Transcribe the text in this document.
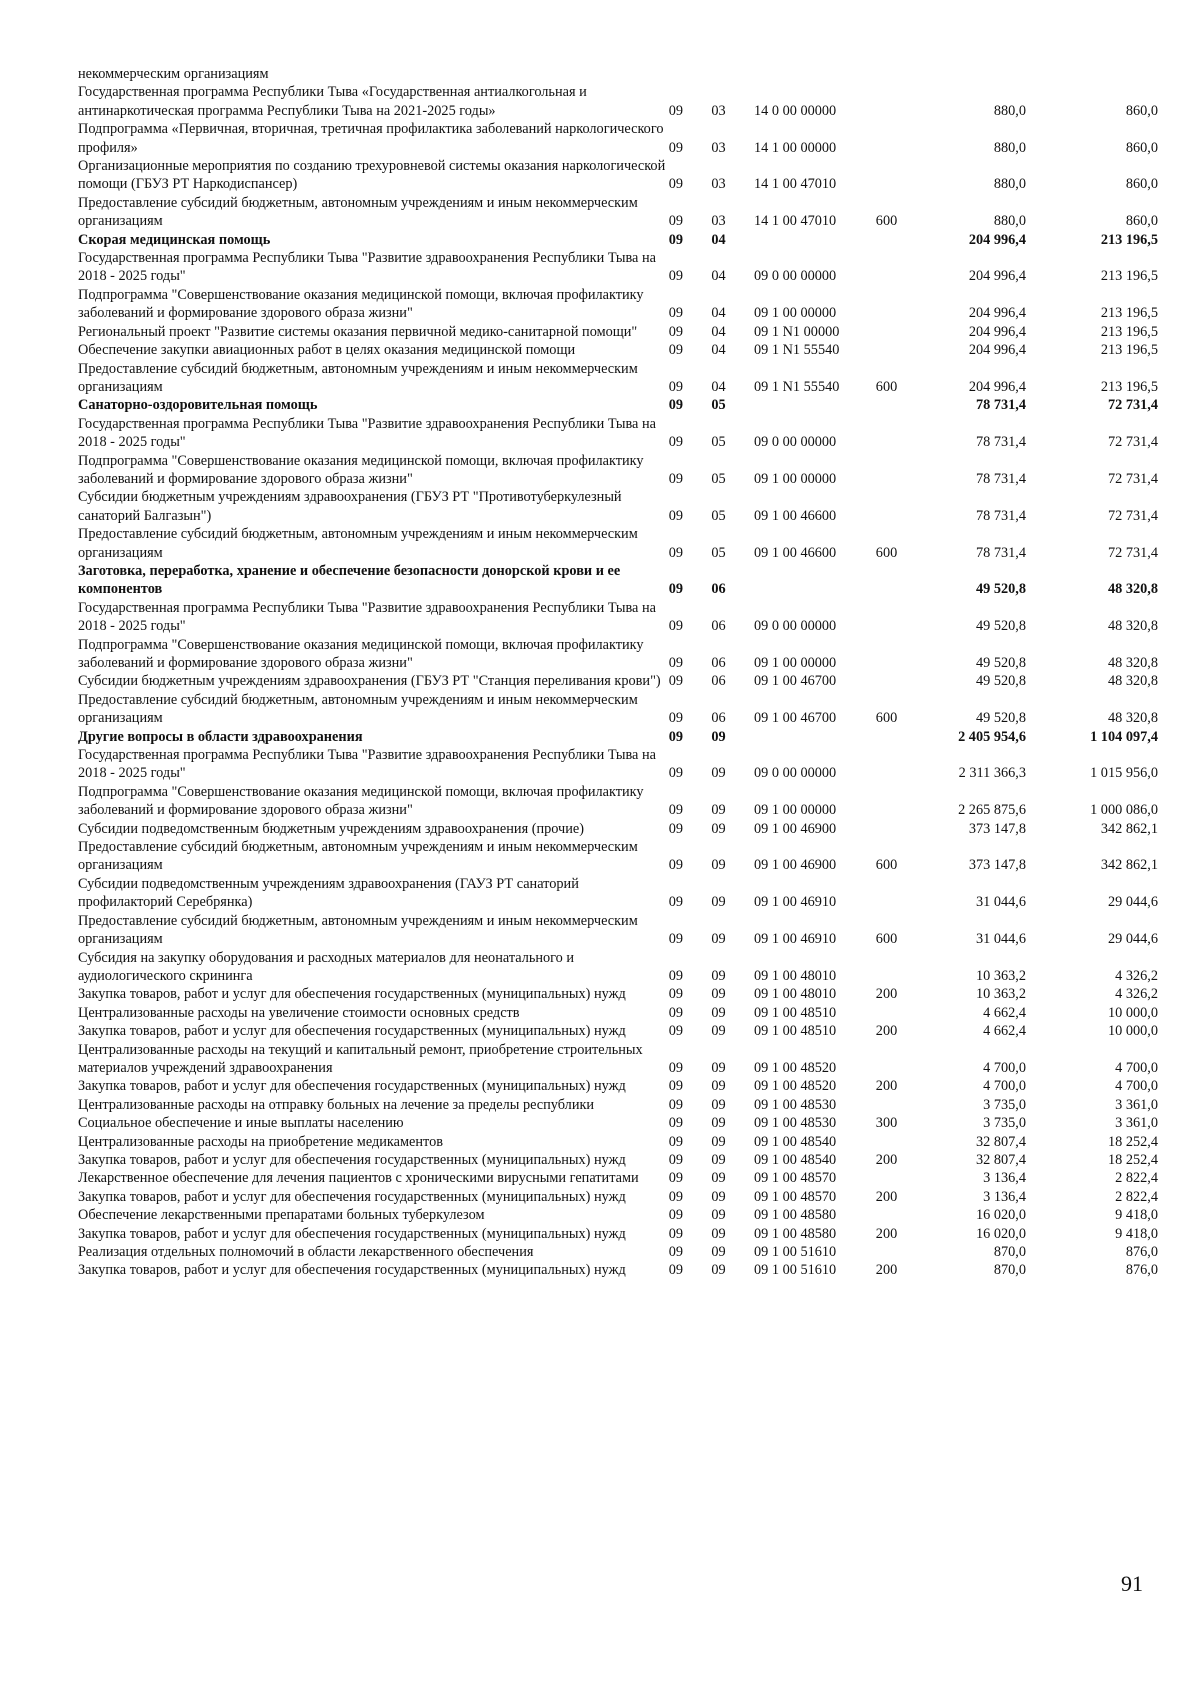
некоммерческим организациям						
Государственная программа Республики Тыва «Государственная антиалкогольная и антинаркотическая программа Республики Тыва на 2021-2025 годы»	09	03	14 0 00 00000		880,0	860,0
Подпрограмма «Первичная, вторичная, третичная профилактика заболеваний наркологического профиля»	09	03	14 1 00 00000		880,0	860,0
Организационные мероприятия по созданию трехуровневой системы оказания наркологической помощи (ГБУЗ РТ Наркодиспансер)	09	03	14 1 00 47010		880,0	860,0
Предоставление субсидий бюджетным, автономным учреждениям и иным некоммерческим организациям	09	03	14 1 00 47010	600	880,0	860,0
Скорая медицинская помощь	09	04			204 996,4	213 196,5
Государственная программа Республики Тыва "Развитие здравоохранения Республики Тыва на 2018 - 2025 годы"	09	04	09 0 00 00000		204 996,4	213 196,5
Подпрограмма "Совершенствование оказания медицинской помощи, включая профилактику заболеваний и формирование здорового образа жизни"	09	04	09 1 00 00000		204 996,4	213 196,5
Региональный проект "Развитие системы оказания первичной медико-санитарной помощи"	09	04	09 1 N1 00000		204 996,4	213 196,5
Обеспечение закупки авиационных работ в целях оказания медицинской помощи	09	04	09 1 N1 55540		204 996,4	213 196,5
Предоставление субсидий бюджетным, автономным учреждениям и иным некоммерческим организациям	09	04	09 1 N1 55540	600	204 996,4	213 196,5
Санаторно-оздоровительная помощь	09	05			78 731,4	72 731,4
Государственная программа Республики Тыва "Развитие здравоохранения Республики Тыва на 2018 - 2025 годы"	09	05	09 0 00 00000		78 731,4	72 731,4
Подпрограмма "Совершенствование оказания медицинской помощи, включая профилактику заболеваний и формирование здорового образа жизни"	09	05	09 1 00 00000		78 731,4	72 731,4
Субсидии бюджетным учреждениям здравоохранения (ГБУЗ РТ "Противотуберкулезный санаторий Балгазын")	09	05	09 1 00 46600		78 731,4	72 731,4
Предоставление субсидий бюджетным, автономным учреждениям и иным некоммерческим организациям	09	05	09 1 00 46600	600	78 731,4	72 731,4
Заготовка, переработка, хранение и обеспечение безопасности донорской крови и ее компонентов	09	06			49 520,8	48 320,8
Государственная программа Республики Тыва "Развитие здравоохранения Республики Тыва на 2018 - 2025 годы"	09	06	09 0 00 00000		49 520,8	48 320,8
Подпрограмма "Совершенствование оказания медицинской помощи, включая профилактику заболеваний и формирование здорового образа жизни"	09	06	09 1 00 00000		49 520,8	48 320,8
Субсидии бюджетным учреждениям здравоохранения (ГБУЗ РТ "Станция переливания крови")	09	06	09 1 00 46700		49 520,8	48 320,8
Предоставление субсидий бюджетным, автономным учреждениям и иным некоммерческим организациям	09	06	09 1 00 46700	600	49 520,8	48 320,8
Другие вопросы в области здравоохранения	09	09			2 405 954,6	1 104 097,4
Государственная программа Республики Тыва "Развитие здравоохранения Республики Тыва на 2018 - 2025 годы"	09	09	09 0 00 00000		2 311 366,3	1 015 956,0
Подпрограмма "Совершенствование оказания медицинской помощи, включая профилактику заболеваний и формирование здорового образа жизни"	09	09	09 1 00 00000		2 265 875,6	1 000 086,0
Субсидии подведомственным бюджетным учреждениям здравоохранения (прочие)	09	09	09 1 00 46900		373 147,8	342 862,1
Предоставление субсидий бюджетным, автономным учреждениям и иным некоммерческим организациям	09	09	09 1 00 46900	600	373 147,8	342 862,1
Субсидии подведомственным учреждениям здравоохранения (ГАУЗ РТ санаторий профилакторий Серебрянка)	09	09	09 1 00 46910		31 044,6	29 044,6
Предоставление субсидий бюджетным, автономным учреждениям и иным некоммерческим организациям	09	09	09 1 00 46910	600	31 044,6	29 044,6
Субсидия на закупку оборудования и расходных материалов для неонатального и аудиологического скрининга	09	09	09 1 00 48010		10 363,2	4 326,2
Закупка товаров, работ и услуг для обеспечения государственных (муниципальных) нужд	09	09	09 1 00 48010	200	10 363,2	4 326,2
Централизованные расходы на увеличение стоимости основных средств	09	09	09 1 00 48510		4 662,4	10 000,0
Закупка товаров, работ и услуг для обеспечения государственных (муниципальных) нужд	09	09	09 1 00 48510	200	4 662,4	10 000,0
Централизованные расходы на текущий и капитальный ремонт, приобретение строительных материалов учреждений здравоохранения	09	09	09 1 00 48520		4 700,0	4 700,0
Закупка товаров, работ и услуг для обеспечения государственных (муниципальных) нужд	09	09	09 1 00 48520	200	4 700,0	4 700,0
Централизованные расходы на отправку больных на лечение за пределы республики	09	09	09 1 00 48530		3 735,0	3 361,0
Социальное обеспечение и иные выплаты населению	09	09	09 1 00 48530	300	3 735,0	3 361,0
Централизованные расходы на приобретение медикаментов	09	09	09 1 00 48540		32 807,4	18 252,4
Закупка товаров, работ и услуг для обеспечения государственных (муниципальных) нужд	09	09	09 1 00 48540	200	32 807,4	18 252,4
Лекарственное обеспечение для лечения пациентов с хроническими вирусными гепатитами	09	09	09 1 00 48570		3 136,4	2 822,4
Закупка товаров, работ и услуг для обеспечения государственных (муниципальных) нужд	09	09	09 1 00 48570	200	3 136,4	2 822,4
Обеспечение лекарственными препаратами больных туберкулезом	09	09	09 1 00 48580		16 020,0	9 418,0
Закупка товаров, работ и услуг для обеспечения государственных (муниципальных) нужд	09	09	09 1 00 48580	200	16 020,0	9 418,0
Реализация отдельных полномочий в области лекарственного обеспечения	09	09	09 1 00 51610		870,0	876,0
Закупка товаров, работ и услуг для обеспечения государственных (муниципальных) нужд	09	09	09 1 00 51610	200	870,0	876,0
91
